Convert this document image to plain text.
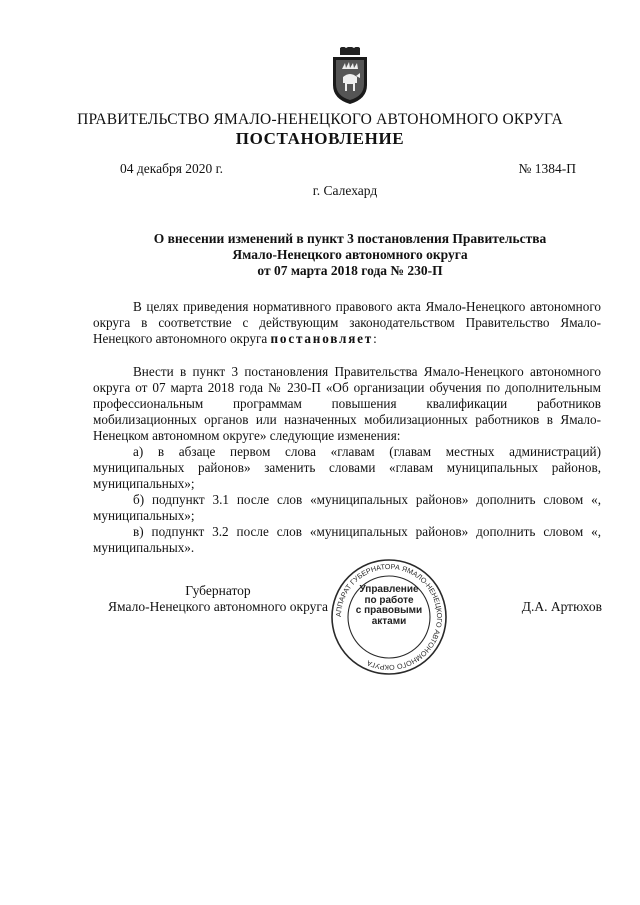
ПРАВИТЕЛЬСТВО ЯМАЛО-НЕНЕЦКОГО АВТОНОМНОГО ОКРУГА
ПОСТАНОВЛЕНИЕ
04 декабря 2020 г.	№ 1384-П
г. Салехард
О внесении изменений в пункт 3 постановления Правительства
Ямало-Ненецкого автономного округа
от 07 марта 2018 года № 230-П

В целях приведения нормативного правового акта Ямало-Ненецкого автономного округа в соответствие с действующим законодательством Правительство Ямало-Ненецкого автономного округа постановляет:

Внести в пункт 3 постановления Правительства Ямало-Ненецкого автономного округа от 07 марта 2018 года № 230-П «Об организации обучения по дополнительным профессиональным программам повышения квалификации работников мобилизационных органов или назначенных мобилизационных работников в Ямало-Ненецком автономном округе» следующие изменения:

а) в абзаце первом слова «главам (главам местных администраций) муниципальных районов» заменить словами «главам муниципальных районов, муниципальных»;

б) подпункт 3.1 после слов «муниципальных районов» дополнить словом «, муниципальных»;

в) подпункт 3.2 после слов «муниципальных районов» дополнить словом «, муниципальных».

Губернатор
Ямало-Ненецкого автономного округа	Д.А. Артюхов
АППАРАТ ГУБЕРНАТОРА ЯМАЛО-НЕНЕЦКОГО АВТОНОМНОГО ОКРУГА
Управление
по работе
с правовыми
актами
